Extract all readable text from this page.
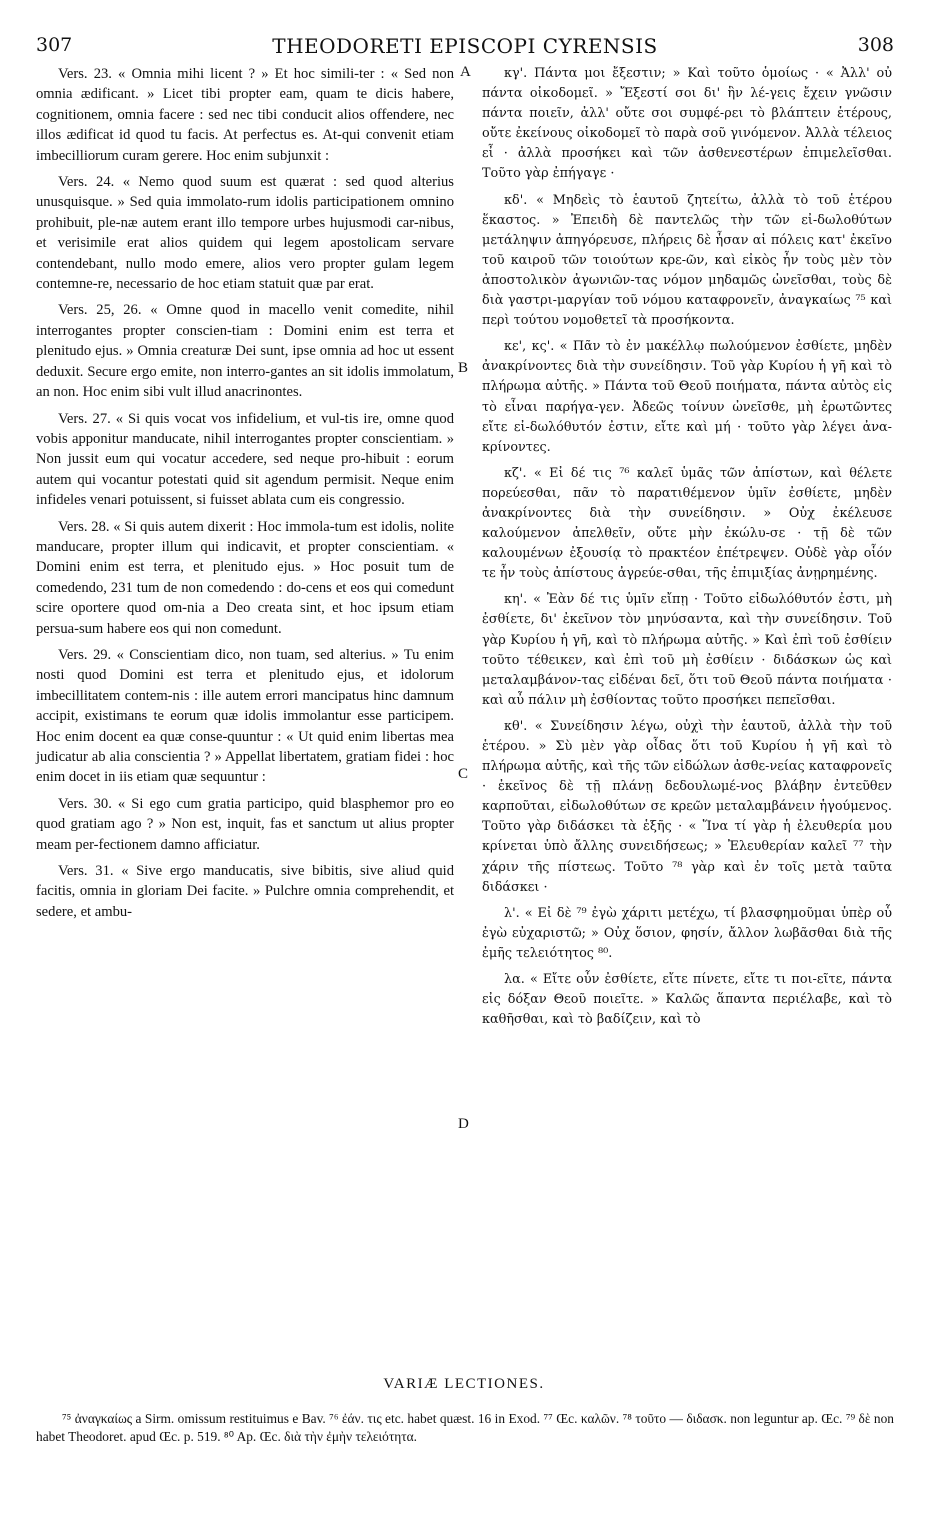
307	THEODORETI EPISCOPI CYRENSIS	308

Vers. 23. « Omnia mihi licent ? » Et hoc simili-ter : « Sed non omnia ædificant. » Licet tibi propter eam, quam te dicis habere, cognitionem, omnia facere : sed nec tibi conducit alios offendere, nec illos ædificat id quod tu facis. At perfectus es. At-qui convenit etiam imbecilliorum curam gerere. Hoc enim subjunxit :

Vers. 24. « Nemo quod suum est quærat : sed quod alterius unusquisque. » Sed quia immolato-rum idolis participationem omnino prohibuit, ple-næ autem erant illo tempore urbes hujusmodi car-nibus, et verisimile erat alios quidem qui legem apostolicam servare contendebant, nullo modo emere, alios vero propter gulam legem contemne-re, necessario de hoc etiam statuit quæ par erat.

Vers. 25, 26. « Omne quod in macello venit comedite, nihil interrogantes propter conscien-tiam : Domini enim est terra et plenitudo ejus. » Omnia creaturæ Dei sunt, ipse omnia ad hoc ut essent deduxit. Secure ergo emite, non interro-gantes an sit idolis immolatum, an non. Hoc enim sibi vult illud anacrinontes.

Vers. 27. « Si quis vocat vos infidelium, et vul-tis ire, omne quod vobis apponitur manducate, nihil interrogantes propter conscientiam. » Non jussit eum qui vocatur accedere, sed neque pro-hibuit : eorum autem qui vocantur potestati quid sit agendum permisit. Neque enim infideles venari potuissent, si fuisset ablata cum eis congressio.

Vers. 28. « Si quis autem dixerit : Hoc immola-tum est idolis, nolite manducare, propter illum qui indicavit, et propter conscientiam. « Domini enim est terra, et plenitudo ejus. » Hoc posuit tum de comedendo, 231 tum de non comedendo : do-cens et eos qui comedunt scire oportere quod om-nia a Deo creata sint, et hoc ipsum etiam persua-sum habere eos qui non comedunt.

Vers. 29. « Conscientiam dico, non tuam, sed alterius. » Tu enim nosti quod Domini est terra et plenitudo ejus, et idolorum imbecillitatem contem-nis : ille autem errori mancipatus hinc damnum accipit, existimans te eorum quæ idolis immolantur esse participem. Hoc enim docent ea quæ conse-quuntur : « Ut quid enim libertas mea judicatur ab alia conscientia ? » Appellat libertatem, gratiam fidei : hoc enim docet in iis etiam quæ sequuntur :

Vers. 30. « Si ego cum gratia participo, quid blasphemor pro eo quod gratiam ago ? » Non est, inquit, fas et sanctum ut alius propter meam per-fectionem damno afficiatur.

Vers. 31. « Sive ergo manducatis, sive bibitis, sive aliud quid facitis, omnia in gloriam Dei facite. » Pulchre omnia comprehendit, et sedere, et ambu-

A
B
C
D

κγ'. Πάντα μοι ἔξεστιν; » Καὶ τοῦτο ὁμοίως · « Ἀλλ' οὐ πάντα οἰκοδομεῖ. » Ἔξεστί σοι δι' ἣν λέ-γεις ἔχειν γνῶσιν πάντα ποιεῖν, ἀλλ' οὔτε σοι συμφέ-ρει τὸ βλάπτειν ἑτέρους, οὔτε ἐκείνους οἰκοδομεῖ τὸ παρὰ σοῦ γινόμενον. Ἀλλὰ τέλειος εἶ · ἀλλὰ προσήκει καὶ τῶν ἀσθενεστέρων ἐπιμελεῖσθαι. Τοῦτο γὰρ ἐπήγαγε ·

κδ'. « Μηδεὶς τὸ ἑαυτοῦ ζητείτω, ἀλλὰ τὸ τοῦ ἑτέρου ἕκαστος. » Ἐπειδὴ δὲ παντελῶς τὴν τῶν εἰ-δωλοθύτων μετάληψιν ἀπηγόρευσε, πλήρεις δὲ ἦσαν αἱ πόλεις κατ' ἐκεῖνο τοῦ καιροῦ τῶν τοιούτων κρε-ῶν, καὶ εἰκὸς ἦν τοὺς μὲν τὸν ἀποστολικὸν ἀγωνιῶν-τας νόμον μηδαμῶς ὠνεῖσθαι, τοὺς δὲ διὰ γαστρι-μαργίαν τοῦ νόμου καταφρονεῖν, ἀναγκαίως ⁷⁵ καὶ περὶ τούτου νομοθετεῖ τὰ προσήκοντα.

κε', κς'. « Πᾶν τὸ ἐν μακέλλῳ πωλούμενον ἐσθίετε, μηδὲν ἀνακρίνοντες διὰ τὴν συνείδησιν. Τοῦ γὰρ Κυρίου ἡ γῆ καὶ τὸ πλήρωμα αὐτῆς. » Πάντα τοῦ Θεοῦ ποιήματα, πάντα αὐτὸς εἰς τὸ εἶναι παρήγα-γεν. Ἀδεῶς τοίνυν ὠνεῖσθε, μὴ ἐρωτῶντες εἴτε εἰ-δωλόθυτόν ἐστιν, εἴτε καὶ μή · τοῦτο γὰρ λέγει ἀνα-κρίνοντες.

κζ'. « Εἰ δέ τις ⁷⁶ καλεῖ ὑμᾶς τῶν ἀπίστων, καὶ θέλετε πορεύεσθαι, πᾶν τὸ παρατιθέμενον ὑμῖν ἐσθίετε, μηδὲν ἀνακρίνοντες διὰ τὴν συνείδησιν. » Οὐχ ἐκέλευσε καλούμενον ἀπελθεῖν, οὔτε μὴν ἐκώλυ-σε · τῇ δὲ τῶν καλουμένων ἐξουσίᾳ τὸ πρακτέον ἐπέτρεψεν. Οὐδὲ γὰρ οἷόν τε ἦν τοὺς ἀπίστους ἀγρεύε-σθαι, τῆς ἐπιμιξίας ἀνῃρημένης.

κη'. « Ἐὰν δέ τις ὑμῖν εἴπῃ · Τοῦτο εἰδωλόθυτόν ἐστι, μὴ ἐσθίετε, δι' ἐκεῖνον τὸν μηνύσαντα, καὶ τὴν συνείδησιν. Τοῦ γὰρ Κυρίου ἡ γῆ, καὶ τὸ πλήρωμα αὐτῆς. » Καὶ ἐπὶ τοῦ ἐσθίειν τοῦτο τέθεικεν, καὶ ἐπὶ τοῦ μὴ ἐσθίειν · διδάσκων ὡς καὶ μεταλαμβάνον-τας εἰδέναι δεῖ, ὅτι τοῦ Θεοῦ πάντα ποιήματα · καὶ αὖ πάλιν μὴ ἐσθίοντας τοῦτο προσήκει πεπεῖσθαι.

κθ'. « Συνείδησιν λέγω, οὐχὶ τὴν ἑαυτοῦ, ἀλλὰ τὴν τοῦ ἑτέρου. » Σὺ μὲν γὰρ οἶδας ὅτι τοῦ Κυρίου ἡ γῆ καὶ τὸ πλήρωμα αὐτῆς, καὶ τῆς τῶν εἰδώλων ἀσθε-νείας καταφρονεῖς · ἐκεῖνος δὲ τῇ πλάνῃ δεδουλωμέ-νος βλάβην ἐντεῦθεν καρποῦται, εἰδωλοθύτων σε κρεῶν μεταλαμβάνειν ἡγούμενος. Τοῦτο γὰρ διδάσκει τὰ ἑξῆς · « Ἵνα τί γὰρ ἡ ἐλευθερία μου κρίνεται ὑπὸ ἄλλης συνειδήσεως; » Ἐλευθερίαν καλεῖ ⁷⁷ τὴν χάριν τῆς πίστεως. Τοῦτο ⁷⁸ γὰρ καὶ ἐν τοῖς μετὰ ταῦτα διδάσκει ·

λ'. « Εἰ δὲ ⁷⁹ ἐγὼ χάριτι μετέχω, τί βλασφημοῦμαι ὑπὲρ οὗ ἐγὼ εὐχαριστῶ; » Οὐχ ὅσιον, φησίν, ἄλλον λωβᾶσθαι διὰ τῆς ἐμῆς τελειότητος ⁸⁰.

λα. « Εἴτε οὖν ἐσθίετε, εἴτε πίνετε, εἴτε τι ποι-εῖτε, πάντα εἰς δόξαν Θεοῦ ποιεῖτε. » Καλῶς ἅπαντα περιέλαβε, καὶ τὸ καθῆσθαι, καὶ τὸ βαδίζειν, καὶ τὸ

VARIÆ LECTIONES.

⁷⁵ ἀναγκαίως a Sirm. omissum restituimus e Bav. ⁷⁶ ἐάν. τις etc. habet quæst. 16 in Exod. ⁷⁷ Œc. καλῶν. ⁷⁸ τοῦτο — διδασκ. non leguntur ap. Œc. ⁷⁹ δὲ non habet Theodoret. apud Œc. p. 519. ⁸⁰ Ap. Œc. διὰ τὴν ἐμὴν τελειότητα.
